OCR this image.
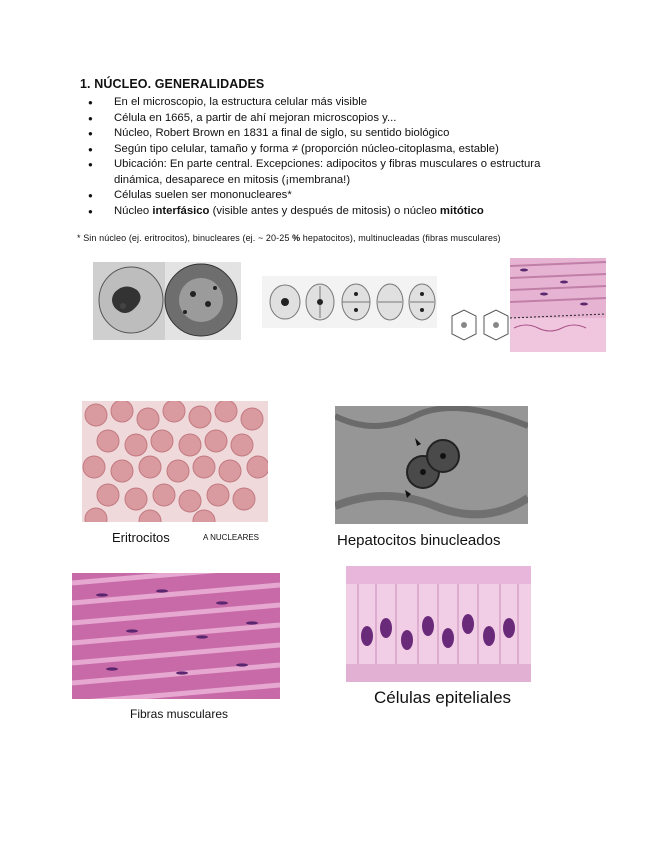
1. NÚCLEO. GENERALIDADES
● En el microscopio, la estructura celular más visible
● Célula en 1665, a partir de ahí mejoran microscopios y...
● Núcleo, Robert Brown en 1831 a final de siglo, su sentido biológico
● Según tipo celular, tamaño y forma ≠ (proporción núcleo-citoplasma, estable)
● Ubicación: En parte central. Excepciones: adipocitos y fibras musculares o estructura dinámica, desaparece en mitosis (¡membrana!)
● Células suelen ser mononucleares*
● Núcleo interfásico (visible antes y después de mitosis) o núcleo mitótico
* Sin núcleo (ej. eritrocitos), binucleares (ej. ~ 20-25 % hepatocitos), multinucleadas (fibras musculares)
Eritrocitos	A NUCLEARES	Hepatocitos binucleados
Fibras musculares
Células epiteliales
